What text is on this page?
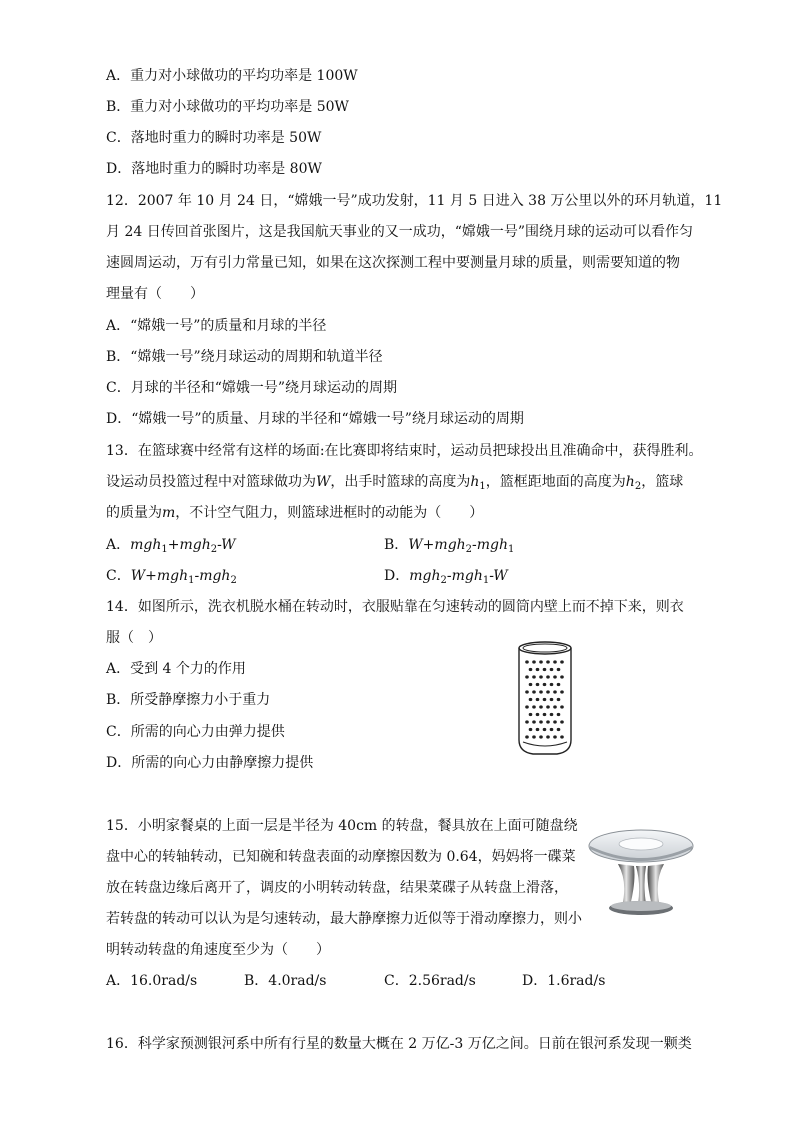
A．重力对小球做功的平均功率是 100W
B．重力对小球做功的平均功率是 50W
C．落地时重力的瞬时功率是 50W
D．落地时重力的瞬时功率是 80W
12．2007 年 10 月 24 日，“嫦娥一号”成功发射，11 月 5 日进入 38 万公里以外的环月轨道，11
月 24 日传回首张图片，这是我国航天事业的又一成功，“嫦娥一号”围绕月球的运动可以看作匀
速圆周运动，万有引力常量已知，如果在这次探测工程中要测量月球的质量，则需要知道的物
理量有（　　）
A．“嫦娥一号”的质量和月球的半径
B．“嫦娥一号”绕月球运动的周期和轨道半径
C．月球的半径和“嫦娥一号”绕月球运动的周期
D．“嫦娥一号”的质量、月球的半径和“嫦娥一号”绕月球运动的周期
13．在篮球赛中经常有这样的场面:在比赛即将结束时，运动员把球投出且准确命中，获得胜利。
设运动员投篮过程中对篮球做功为W，出手时篮球的高度为$h_1$，篮框距地面的高度为$h_2$，篮球
的质量为m，不计空气阻力，则篮球进框时的动能为（　　）
A．mgh$_1$+mgh$_2$-W	B．W+mgh$_2$-mgh$_1$
C．W+mgh$_1$-mgh$_2$	D．mgh$_2$-mgh$_1$-W
14．如图所示，洗衣机脱水桶在转动时，衣服贴靠在匀速转动的圆筒内壁上而不掉下来，则衣
服（　）
A．受到 4 个力的作用
B．所受静摩擦力小于重力
C．所需的向心力由弹力提供
D．所需的向心力由静摩擦力提供
15．小明家餐桌的上面一层是半径为 40cm 的转盘，餐具放在上面可随盘绕
盘中心的转轴转动，已知碗和转盘表面的动摩擦因数为 0.64，妈妈将一碟菜
放在转盘边缘后离开了，调皮的小明转动转盘，结果菜碟子从转盘上滑落，
若转盘的转动可以认为是匀速转动，最大静摩擦力近似等于滑动摩擦力，则小
明转动转盘的角速度至少为（　　）
A．16.0rad/s	B．4.0rad/s	C．2.56rad/s	D．1.6rad/s
16．科学家预测银河系中所有行星的数量大概在 2 万亿-3 万亿之间。日前在银河系发现一颗类
